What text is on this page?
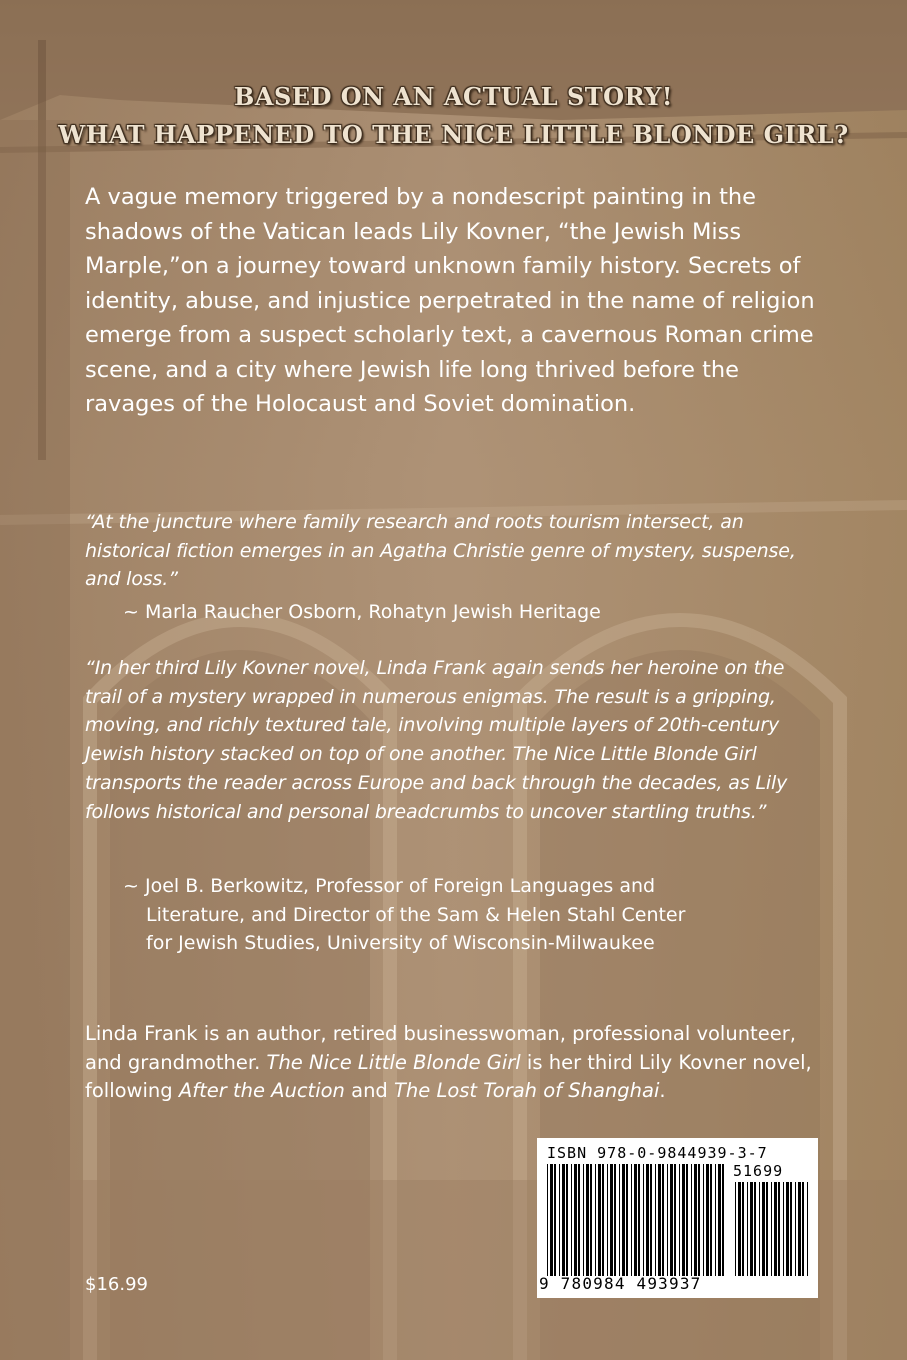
BASED ON AN ACTUAL STORY!
WHAT HAPPENED TO THE NICE LITTLE BLONDE GIRL?

A vague memory triggered by a nondescript painting in the shadows of the Vatican leads Lily Kovner, “the Jewish Miss Marple,”on a journey toward unknown family history. Secrets of identity, abuse, and injustice perpetrated in the name of religion emerge from a suspect scholarly text, a cavernous Roman crime scene, and a city where Jewish life long thrived before the ravages of the Holocaust and Soviet domination.

“At the juncture where family research and roots tourism intersect, an historical fiction emerges in an Agatha Christie genre of mystery, suspense, and loss.”

~ Marla Raucher Osborn, Rohatyn Jewish Heritage

“In her third Lily Kovner novel, Linda Frank again sends her heroine on the trail of a mystery wrapped in numerous enigmas. The result is a gripping, moving, and richly textured tale, involving multiple layers of 20th-century Jewish history stacked on top of one another. The Nice Little Blonde Girl transports the reader across Europe and back through the decades, as Lily follows historical and personal breadcrumbs to uncover startling truths.”

~ Joel B. Berkowitz, Professor of Foreign Languages and
Literature, and Director of the Sam & Helen Stahl Center
for Jewish Studies, University of Wisconsin-Milwaukee

Linda Frank is an author, retired businesswoman, professional volunteer, and grandmother. The Nice Little Blonde Girl is her third Lily Kovner novel, following After the Auction and The Lost Torah of Shanghai.

$16.99
ISBN 978-0-9844939-3-7
51699
9 780984 493937
